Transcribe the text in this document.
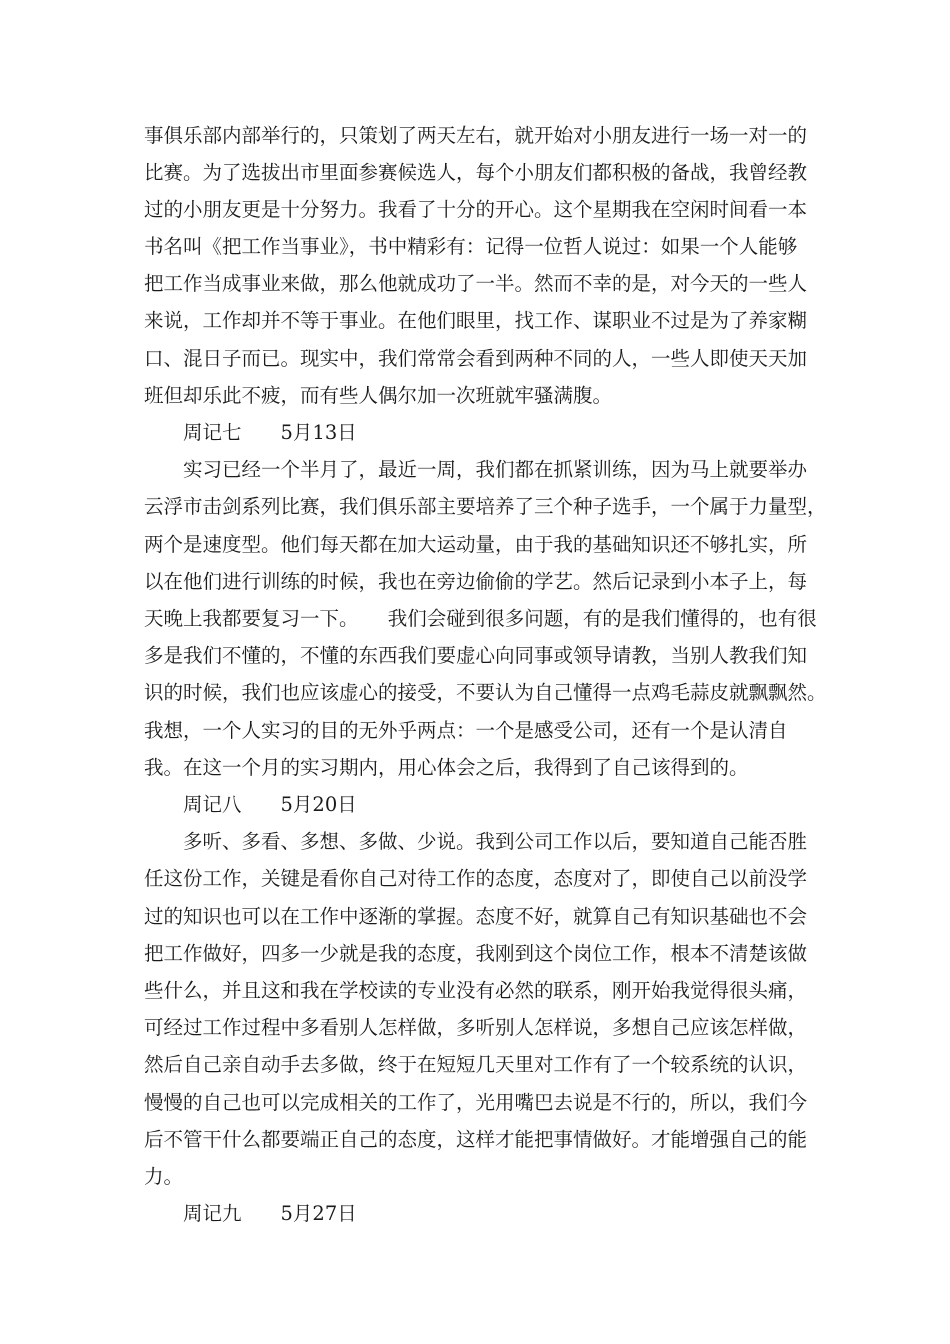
事俱乐部内部举行的，只策划了两天左右，就开始对小朋友进行一场一对一的
比赛。为了选拔出市里面参赛候选人，每个小朋友们都积极的备战，我曾经教
过的小朋友更是十分努力。我看了十分的开心。这个星期我在空闲时间看一本
书名叫《把工作当事业》，书中精彩有：记得一位哲人说过：如果一个人能够
把工作当成事业来做，那么他就成功了一半。然而不幸的是，对今天的一些人
来说，工作却并不等于事业。在他们眼里，找工作、谋职业不过是为了养家糊
口、混日子而已。现实中，我们常常会看到两种不同的人，一些人即使天天加
班但却乐此不疲，而有些人偶尔加一次班就牢骚满腹。
　　周记七　　5月13日
　　实习已经一个半月了，最近一周，我们都在抓紧训练，因为马上就要举办
云浮市击剑系列比赛，我们俱乐部主要培养了三个种子选手，一个属于力量型，
两个是速度型。他们每天都在加大运动量，由于我的基础知识还不够扎实，所
以在他们进行训练的时候，我也在旁边偷偷的学艺。然后记录到小本子上，每
天晚上我都要复习一下。　　我们会碰到很多问题，有的是我们懂得的，也有很
多是我们不懂的，不懂的东西我们要虚心向同事或领导请教，当别人教我们知
识的时候，我们也应该虚心的接受，不要认为自己懂得一点鸡毛蒜皮就飘飘然。
我想，一个人实习的目的无外乎两点：一个是感受公司，还有一个是认清自
我。在这一个月的实习期内，用心体会之后，我得到了自己该得到的。
　　周记八　　5月20日
　　多听、多看、多想、多做、少说。我到公司工作以后，要知道自己能否胜
任这份工作，关键是看你自己对待工作的态度，态度对了，即使自己以前没学
过的知识也可以在工作中逐渐的掌握。态度不好，就算自己有知识基础也不会
把工作做好，四多一少就是我的态度，我刚到这个岗位工作，根本不清楚该做
些什么，并且这和我在学校读的专业没有必然的联系，刚开始我觉得很头痛，
可经过工作过程中多看别人怎样做，多听别人怎样说，多想自己应该怎样做，
然后自己亲自动手去多做，终于在短短几天里对工作有了一个较系统的认识，
慢慢的自己也可以完成相关的工作了，光用嘴巴去说是不行的，所以，我们今
后不管干什么都要端正自己的态度，这样才能把事情做好。才能增强自己的能
力。
　　周记九　　5月27日
